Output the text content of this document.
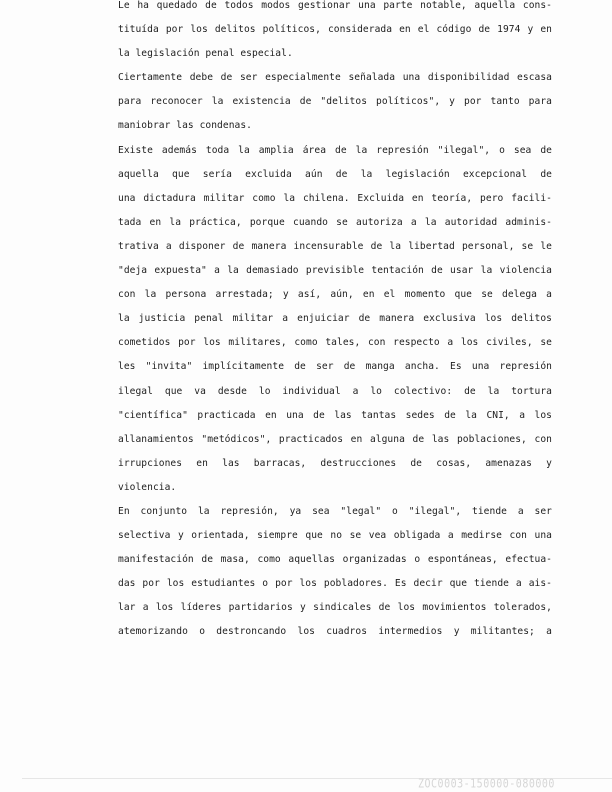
Le ha quedado de todos modos gestionar una parte notable, aquella cons-
tituída por los delitos políticos, considerada en el código de 1974 y en
la legislación penal especial.
Ciertamente debe de ser especialmente señalada una disponibilidad escasa
para reconocer la existencia de "delitos políticos", y por tanto para
maniobrar las condenas.
Existe además toda la amplia área de la represión "ilegal", o sea de
aquella que sería excluida aún de la legislación excepcional de
una dictadura militar como la chilena. Excluida en teoría, pero facili-
tada en la práctica, porque cuando se autoriza a la autoridad adminis-
trativa a disponer de manera incensurable de la libertad personal, se le
"deja expuesta" a la demasiado previsible tentación de usar la violencia
con la persona arrestada; y así, aún, en el momento que se delega a
la justicia penal militar a enjuiciar de manera exclusiva los delitos
cometidos por los militares, como tales, con respecto a los civiles, se
les "invita" implícitamente de ser de manga ancha. Es una represión
ilegal que va desde lo individual a lo colectivo: de la tortura
"científica" practicada en una de las tantas sedes de la CNI, a los
allanamientos "metódicos", practicados en alguna de las poblaciones, con
irrupciones en las barracas, destrucciones de cosas, amenazas y
violencia.
En conjunto la represión, ya sea "legal" o "ilegal", tiende a ser
selectiva y orientada, siempre que no se vea obligada a medirse con una
manifestación de masa, como aquellas organizadas o espontáneas, efectua-
das por los estudiantes o por los pobladores. Es decir que tiende a ais-
lar a los líderes partidarios y sindicales de los movimientos tolerados,
atemorizando o destroncando los cuadros intermedios y militantes; a
ZOC0003-150000-080000
